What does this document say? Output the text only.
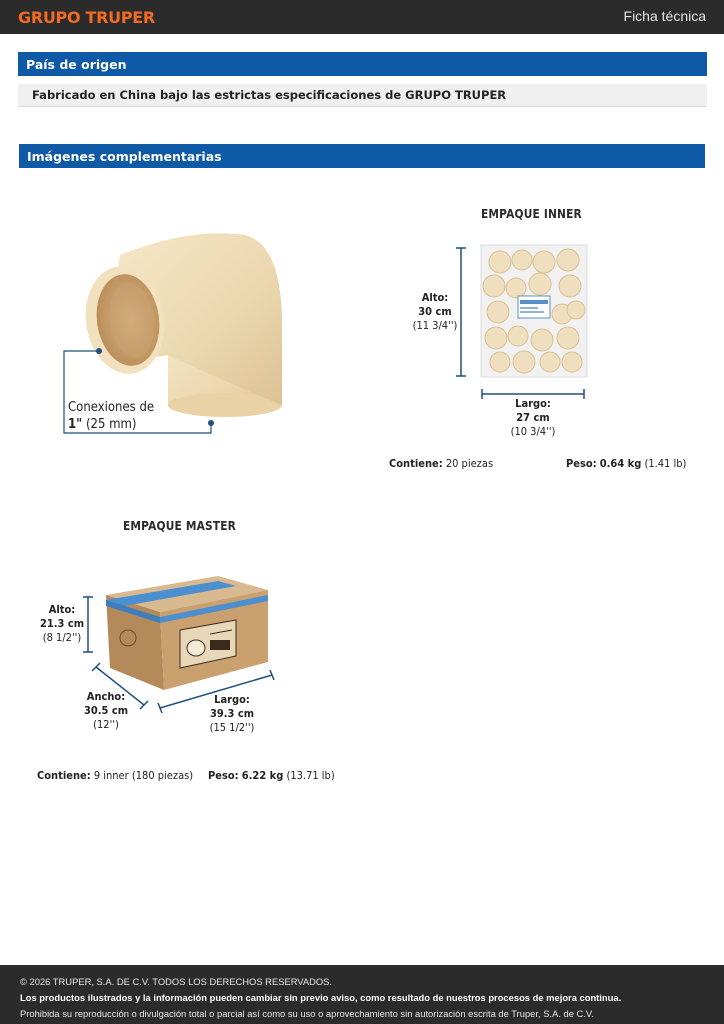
GRUPO TRUPER	Ficha técnica
País de origen
Fabricado en China bajo las estrictas especificaciones de GRUPO TRUPER
Imágenes complementarias
Conexiones de
1" (25 mm)
EMPAQUE INNER
Alto:
30 cm
(11 3/4'')
Largo:
27 cm
(10 3/4'')
Contiene: 20 piezas	Peso: 0.64 kg (1.41 lb)
EMPAQUE MASTER
Alto:
21.3 cm
(8 1/2'')
Ancho:
30.5 cm
(12'')
Largo:
39.3 cm
(15 1/2'')
Contiene: 9 inner (180 piezas) Peso: 6.22 kg (13.71 lb)
© 2026 TRUPER, S.A. DE C.V. TODOS LOS DERECHOS RESERVADOS.
Los productos ilustrados y la información pueden cambiar sin previo aviso, como resultado de nuestros procesos de mejora continua.
Prohibida su reproducción o divulgación total o parcial así como su uso o aprovechamiento sin autorización escrita de Truper, S.A. de C.V.
